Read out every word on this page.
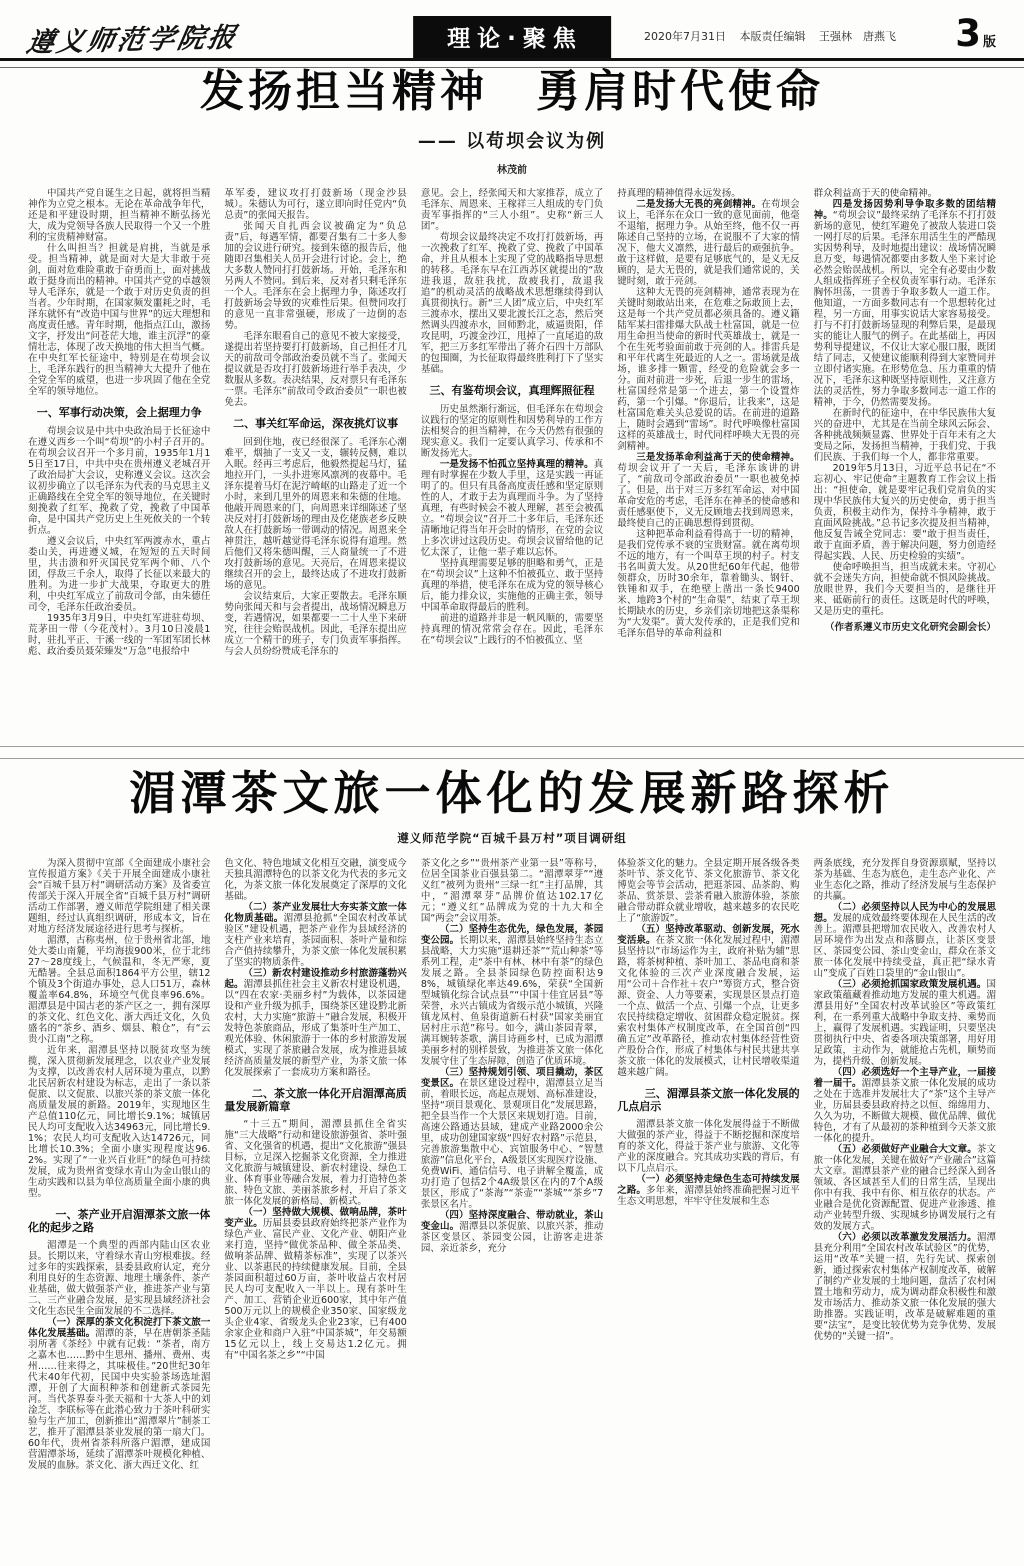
遵义师范学院报	理论·聚焦	2020年7月31日 本版责任编辑 王强林　唐燕飞 3 版
发扬担当精神　勇肩时代使命
—— 以苟坝会议为例
林茂前

中国共产党自诞生之日起，就将担当精神作为立党之根本。无论在革命战争年代，还是和平建设时期，担当精神不断弘扬光大，成为党领导各族人民取得一个又一个胜利的宝贵精神财富。

什么叫担当？担就是肩挑，当就是承受。担当精神，就是面对大是大非敢于亮剑，面对危难险重敢于奋勇而上，面对挑战敢于挺身而出的精神。中国共产党的卓越领导人毛泽东，就是一个敢于对历史负责的担当者。少年时期，在国家频发噩耗之时，毛泽东就怀有“改造中国与世界”的远大理想和高度责任感。青年时期，他指点江山，激扬文字，抒发出“问苍茫大地，谁主沉浮”的豪情壮志，体现了改天换地的伟大担当气概。在中央红军长征途中，特别是在苟坝会议上，毛泽东践行的担当精神大大提升了他在全党全军的威望，也进一步巩固了他在全党全军的领导地位。

一、军事行动决策，会上据理力争

苟坝会议是中共中央政治局于长征途中在遵义西乡一个叫“苟坝”的小村子召开的。在苟坝会议召开一个多月前，1935年1月15日至17日，中共中央在贵州遵义老城召开了政治局扩大会议，史称遵义会议。这次会议初步确立了以毛泽东为代表的马克思主义正确路线在全党全军的领导地位，在关键时刻挽救了红军、挽救了党，挽救了中国革命，是中国共产党历史上生死攸关的一个转折点。

遵义会议后，中央红军两渡赤水，重占娄山关，再进遵义城，在短短的五天时间里，共击溃和歼灭国民党军两个师、八个团，俘敌三千余人，取得了长征以来最大的胜利。为进一步扩大战果，夺取更大的胜利，中央红军成立了前敌司令部，由朱德任司令，毛泽东任政治委员。

1935年3月9日，中央红军进驻苟坝、荒茅田一带（今花茂村）。3月10日凌晨1时，驻扎平正、干溪一线的一军团军团长林彪、政治委员聂荣臻发“万急”电报给中

革军委，建议攻打打鼓新场（现金沙县城）。朱德认为可行，遂立即向时任党内“负总责”的张闻天报告。

张闻天自扎西会议被确定为“负总责”后，每遇军情，都要召集有二十多人参加的会议进行研究。接到朱德的报告后，他随即召集相关人员开会进行讨论。会上，绝大多数人赞同打打鼓新场。开始，毛泽东和另两人不赞同。到后来，反对者只剩毛泽东一个人。毛泽东在会上据理力争，陈述攻打打鼓新场会导致的灾难性后果。但赞同攻打的意见一直非常强硬，形成了一边倒的态势。

毛泽东眼看自己的意见不被大家接受，遂提出若坚持要打打鼓新场，自己担任才几天的前敌司令部政治委员就不当了。张闻天提议就是否攻打打鼓新场进行举手表决，少数服从多数。表决结果，反对票只有毛泽东一票。毛泽东“前敌司令政治委员”一职也被免去。

二、事关红军命运，深夜挑灯议事

回到住地，夜已经很深了。毛泽东心潮难平，烟抽了一支又一支，辗转反侧，难以入眠。经再三考虑后，他毅然提起马灯，猛地拉开门，一头扑进寒风凛冽的夜幕中。毛泽东提着马灯在泥泞崎岖的山路走了近一个小时，来到几里外的周恩来和朱德的住地。他敲开周恩来的门，向周恩来详细陈述了坚决反对打打鼓新场的理由及仡佬族老乡反映敌人在打鼓新场一带调动的情况。周恩来全神贯注，越听越觉得毛泽东说得有道理。然后他们又将朱德叫醒，三人商量统一了不进攻打鼓新场的意见。天亮后，在周恩来提议继续召开的会上，最终达成了不进攻打鼓新场的意见。

会议结束后，大家正要散去。毛泽东顺势向张闻天和与会者提出，战场情况瞬息万变，若遇情况，如果都要一二十人坐下来研究，往往会贻误战机。因此，毛泽东提出应成立一个精干的班子，专门负责军事指挥。与会人员纷纷赞成毛泽东的

意见。会上，经张闻天和大家推荐，成立了毛泽东、周恩来、王稼祥三人组成的专门负责军事指挥的“三人小组”。史称“新三人团”。

苟坝会议最终决定不攻打打鼓新场，再一次挽救了红军、挽救了党、挽救了中国革命，并且从根本上实现了党的战略指导思想的转移。毛泽东早在江西苏区就提出的“敌进我退，敌驻我扰，敌疲我打，敌退我追”的机动灵活的战略战术思想继续得到认真贯彻执行。新“三人团”成立后，中央红军三渡赤水，摆出又要北渡长江之态，然后突然调头四渡赤水，回师黔北，威逼贵阳，佯攻昆明，巧渡金沙江，甩掉了一直尾追的敌军，把三万多红军带出了蒋介石四十万部队的包围圈，为长征取得最终胜利打下了坚实基础。

三、有鉴苟坝会议，真理辉照征程

历史虽然渐行渐远，但毛泽东在苟坝会议践行的坚定的原则性和因势利导的工作方法相契合的担当精神，在今天仍然有很强的现实意义。我们一定要认真学习、传承和不断发扬光大。

一是发扬不怕孤立坚持真理的精神。真理有时掌握在少数人手里，这是实践一再证明了的。但只有具备高度责任感和坚定原则性的人，才敢于去为真理而斗争。为了坚持真理，有些时候会不被人理解，甚至会被孤立。“苟坝会议”召开二十多年后，毛泽东还清晰地记得当年开会时的情形，在党的会议上多次讲过这段历史。苟坝会议留给他的记忆太深了，让他一辈子难以忘怀。

坚持真理需要足够的胆略和勇气，正是在“苟坝会议”上这种不怕被孤立、敢于坚持真理的举措，使毛泽东在成为党的领导核心后，能力排众议，实施他的正确主张，领导中国革命取得最后的胜利。

前进的道路并非是一帆风顺的，需要坚持真理的情况常常会存在。因此，毛泽东在“苟坝会议”上践行的不怕被孤立、坚

持真理的精神值得永远发扬。

二是发扬大无畏的亮剑精神。在苟坝会议上，毛泽东在众口一致的意见面前，他毫不退缩，据理力争。从始至终，他不仅一再陈述自己坚持的立场，在说服不了大家的情况下，他大义凛然，进行最后的顽强抗争。敢于这样做，是要有足够底气的，是义无反顾的，是大无畏的，就是我们通常说的，关键时刻，敢于亮剑。

这种大无畏的亮剑精神，通常表现为在关键时刻敢站出来，在危难之际敢顶上去，这是每一个共产党员都必须具备的。遵义籍陆军某扫雷排爆大队战士杜富国，就是一位用生命担当使命的新时代英雄战士，就是一个在生死考验面前敢于亮剑的人。排雷兵是和平年代离生死最近的人之一。雷场就是战场，谁多排一颗雷，经受的危险就会多一分。面对前进一步死，后退一步生的雷场，杜富国经常是第一个进去，第一个设置炸药，第一个引爆。“你退后，让我来”，这是杜富国危难关头总爱说的话。在前进的道路上，随时会遇到“雷场”。时代呼唤像杜富国这样的英雄战士，时代同样呼唤大无畏的亮剑精神。

三是发扬革命利益高于天的使命精神。苟坝会议开了一天后，毛泽东该讲的讲了，“前敌司令部政治委员”一职也被免掉了。但是，出于对三万多红军命运、对中国革命安危的考虑，毛泽东在神圣的使命感和责任感驱使下，义无反顾地去找到周恩来，最终使自己的正确思想得到贯彻。

这种把革命利益看得高于一切的精神，是我们党传承不衰的宝贵财富。就在离苟坝不远的地方，有一个叫草王坝的村子。村支书名叫黄大发。从20世纪60年代起，他带领群众，历时30余年，靠着锄头、钢钎、铁锤和双手，在绝壁上凿出一条长9400米、地跨3个村的“生命渠”，结束了草王坝长期缺水的历史，乡亲们亲切地把这条渠称为“大发渠”。黄大发传承的，正是我们党和毛泽东倡导的革命利益和

群众利益高于天的使命精神。

四是发扬因势利导争取多数的团结精神。“苟坝会议”最终采纳了毛泽东不打打鼓新场的意见，使红军避免了被敌人装进口袋一网打尽的后果。毛泽东用活生生的严酷现实因势利导，及时地提出建议：战场情况瞬息万变，每遇情况都要由多数人坐下来讨论必然会贻误战机。所以，完全有必要由少数人组成指挥班子全权负责军事行动。毛泽东胸怀坦荡，一贯善于争取多数人一道工作。他知道，一方面多数同志有一个思想转化过程，另一方面，用事实说话大家容易接受。打与不打打鼓新场显现的利弊后果，是最现实的能让人服气的例子。在此基础上，再因势利导提建议，不仅让大家心服口服，既团结了同志，又使建议能顺利得到大家赞同并立即付诸实施。在形势危急、压力重重的情况下，毛泽东这种既坚持原则性，又注意方法的灵活性，努力争取多数同志一道工作的精神，于今，仍然需要发扬。

在新时代的征途中，在中华民族伟大复兴的奋进中，尤其是在当前全球风云际会、各种挑战频频显露、世界处于百年未有之大变局之际，发扬担当精神，于我们党、于我们民族、于我们每一个人，都非常重要。

2019年5月13日，习近平总书记在“不忘初心、牢记使命”主题教育工作会议上指出：“担使命，就是要牢记我们党肩负的实现中华民族伟大复兴的历史使命，勇于担当负责，积极主动作为，保持斗争精神，敢于直面风险挑战。”总书记多次提及担当精神，他反复告诫全党同志：要“敢于担当责任，敢于直面矛盾，善于解决问题，努力创造经得起实践、人民、历史检验的实绩”。

使命呼唤担当，担当成就未来。守初心就不会迷失方向，担使命就不惧风险挑战。放眼世界，我们今天要担当的，是继往开来、砥砺前行的责任。这既是时代的呼唤，又是历史的重托。

（作者系遵义市历史文化研究会副会长）
湄潭茶文旅一体化的发展新路探析
遵义师范学院“百城千县万村”项目调研组

为深入贯彻中宣部《全面建成小康社会宣传报道方案》《关于开展全面建成小康社会“百城千县万村”调研活动方案》及省委宣传部关于深入开展全省“百城千县万村”调研活动工作部署，遵义师范学院组建了相关课题组，经过认真组织调研，形成本文，旨在对地方经济发展途径进行思考与探析。

湄潭，古称夷州，位于贵州省北部，地处大娄山南麓，平均海拔900米，位于北纬27～28度线上，气候温和，冬无严寒，夏无酷暑。全县总面积1864平方公里，辖12个镇及3个街道办事处，总人口51万，森林覆盖率64.8%，环境空气优良率96.6%。湄潭县是中国古老的茶产区之一，拥有深厚的茶文化、红色文化、浙大西迁文化，久负盛名的“茶乡、酒乡、烟县、粮仓”，有“云贵小江南”之称。

近年来，湄潭县坚持以脱贫攻坚为统揽，深入贯彻新发展理念，以农业产业发展为支撑，以改善农村人居环境为重点，以黔北民居新农村建设为标志，走出了一条以茶促旅、以文促旅、以旅兴茶的茶文旅一体化高质量发展的新路。2019年，实现地区生产总值110亿元，同比增长9.1%；城镇居民人均可支配收入达34963元，同比增长9.1%；农民人均可支配收入达14726元，同比增长10.3%；全面小康实现程度达96.2%。实现了“一业兴百业旺”的绿色可持续发展，成为贵州省变绿水青山为金山银山的生动实践和以县为单位高质量全面小康的典型。

一、茶产业开启湄潭茶文旅一体化的起步之路

湄潭是一个典型的西部内陆山区农业县。长期以来，守着绿水青山穷根难拔。经过多年的实践探索，县委县政府认定，充分利用良好的生态资源、地理土壤条件、茶产业基础，做大做强茶产业，推进茶产业与第二、三产业融合发展，是实现县域经济社会文化生态民生全面发展的不二选择。

（一）深厚的茶文化积淀打下茶文旅一体化发展基础。湄潭的茶，早在唐朝茶圣陆羽所著《茶经》中就有记载：“茶者，南方之嘉木也……黔中生思州、播州、费州、夷州……往来得之，其味极佳。”20世纪30年代末40年代初，民国中央实验茶场选址湄潭，开创了大面积种茶和创建新式茶园先河。当代茶界泰斗张天福和十大茶人中的刘淦芝、李联标等在此潜心致力于茶叶科研实验与生产加工，创新推出“湄潭翠片”制茶工艺，推开了湄潭县茶业发展的第一扇大门。60年代，贵州省茶科所落户湄潭，建成国营湄潭茶场，延续了湄潭茶叶规模化种植、发展的血脉。茶文化、浙大西迁文化、红

色文化、特色地域文化相互交融，演变成今天独具湄潭特色的以茶文化为代表的多元文化，为茶文旅一体化发展奠定了深厚的文化基础。

（二）茶产业发展壮大夯实茶文旅一体化物质基础。湄潭县抢抓“全国农村改革试验区”建设机遇，把茶产业作为县域经济的支柱产业来培育，茶园面积、茶叶产量和综合产值持续攀升，为茶文旅一体化发展积累了坚实的物质条件。

（三）新农村建设推动乡村旅游蓬勃兴起。湄潭县抓住社会主义新农村建设机遇，以“四在农家·美丽乡村”为载体，以茶园建设和产业升级为抓手，围绕茶区建设黔北新农村，大力实施“旅游＋”融合发展，积极开发特色茶旅商品，形成了集茶叶生产加工、观光体验、休闲旅游于一体的乡村旅游发展模式，实现了茶旅融合发展，成为推进县域经济高质量发展的新型产业，为茶文旅一体化发展探索了一套成功方案和路径。

二、茶文旅一体化开启湄潭高质量发展新篇章

“十三五”期间，湄潭县抓住全省实施“三大战略”行动和建设旅游强省、茶叶强省、文化强省的机遇，提出“文化旅游”强县目标，立足深入挖掘茶文化资源，全力推进文化旅游与城镇建设、新农村建设、绿色工业、体育事业等融合发展，着力打造特色茶旅、特色文旅、美丽茶旅乡村，开启了茶文旅一体化发展的新格局、新模式。

（一）坚持做大规模、做响品牌，茶叶变产业。历届县委县政府始终把茶产业作为绿色产业、富民产业、文化产业、朝阳产业来打造，坚持“做优茶品种、做全茶品类、做响茶品牌、做精茶标准”，实现了以茶兴业、以茶惠民的持续健康发展。目前，全县茶园面积超过60万亩，茶叶收益占农村居民人均可支配收入一半以上。现有茶叶生产、加工、营销企业近600家，其中年产值500万元以上的规模企业350家、国家级龙头企业4家、省级龙头企业23家，已有400余家企业和商户入驻“中国茶城”，年交易额15亿元以上，线上交易达1.2亿元。拥有“中国名茶之乡”“中国

茶文化之乡”“贵州茶产业第一县”等称号，位居全国茶业百强县第二。“湄潭翠芽”“遵义红”被列为贵州“三绿一红”主打品牌，其中，“湄潭翠芽”品牌价值达102.17亿元；“遵义红”品牌成为党的十九大和全国“两会”会议用茶。

（二）坚持生态优先，绿色发展，茶园变公园。长期以来，湄潭县始终坚持生态立县战略，大力实施“退耕还茶”“荒山种茶”等系列工程，走“茶中有林、林中有茶”的绿色发展之路。全县茶园绿色防控面积达98%，城镇绿化率达49.6%，荣获“全国新型城镇化综合试点县”“中国十佳宜居县”等荣誉，永兴古镇成为省级示范小城镇，兴隆镇龙凤村、鱼泉街道新石村获“国家美丽宜居村庄示范”称号。如今，满山茶园青翠，满耳婉转茶歌，满目诗画乡村，已成为湄潭美丽乡村的别样景致，为推进茶文旅一体化发展守住了生态屏障，创造了优质环境。

（三）坚持规划引领、项目撬动，茶区变景区。在景区建设过程中，湄潭县立足当前，着眼长远，高起点规划、高标准建设，坚持“项目景观化、景观项目化”发展思路，把全县当作一个大景区来规划打造。目前，高速公路通达县域，建成产业路2000余公里，成功创建国家级“四好农村路”示范县，完善旅游集散中心、宾馆服务中心、“智慧旅游”信息化平台，A级景区实现医疗设施、免费WiFi、通信信号、电子讲解全覆盖，成功打造了包括2个4A级景区在内的7个A级景区，形成了“茶海”“茶壶”“茶城”“茶乡”7张景区名片。

（四）坚持深度融合、带动就业，茶山变金山。湄潭县以茶促旅、以旅兴茶，推动茶区变景区、茶园变公园，让游客走进茶园、亲近茶乡，充分

体验茶文化的魅力。全县定期开展各级各类茶叶节、茶文化节、茶文化旅游节、茶文化博览会等节会活动，把逛茶园、品茶韵、购茶品、赏茶景、尝茶肴融入旅游体验，茶旅融合带动群众就业增收，越来越多的农民吃上了“旅游饭”。

（五）坚持改革驱动、创新发展，死水变活泉。在茶文旅一体化发展过程中，湄潭县坚持以“市场运作为主，政府补贴为辅”思路，将茶树种植、茶叶加工、茶品电商和茶文化体验的三次产业深度融合发展，运用“公司＋合作社＋农户”筹资方式，整合资源、资金、人力等要素，实现景区景点打造一个点、做活一个点、引爆一个点，让更多农民持续稳定增收、贫困群众稳定脱贫。探索农村集体产权制度改革，在全国首创“四确五定”改革路径，推动农村集体经营性资产股份合作，形成了村集体与村民共建共享茶文旅一体化的发展模式，让村民增收渠道越来越广阔。

三、湄潭县茶文旅一体化发展的几点启示

湄潭县茶文旅一体化发展得益于不断做大做强的茶产业，得益于不断挖掘和深度培育的茶文化，得益于茶产业与旅游、文化等产业的深度融合。究其成功实践的背后，有以下几点启示。

（一）必须坚持走绿色生态可持续发展之路。多年来，湄潭县始终准确把握习近平生态文明思想，牢牢守住发展和生态

两条底线，充分发挥自身资源禀赋，坚持以茶为基础、生态为底色，走生态产业化、产业生态化之路，推动了经济发展与生态保护的共赢。

（二）必须坚持以人民为中心的发展思想。发展的成效最终要体现在人民生活的改善上。湄潭县把增加农民收入、改善农村人居环境作为出发点和落脚点，让茶区变景区、茶园变公园、茶山变金山，群众在茶文旅一体化发展中持续受益，真正把“绿水青山”变成了百姓口袋里的“金山银山”。

（三）必须抢抓国家政策发展机遇。国家政策蕴藏着推动地方发展的重大机遇。湄潭县用好“全国农村改革试验区”等政策红利，在一系列重大战略中争取支持、乘势而上，赢得了发展机遇。实践证明，只要坚决贯彻执行中央、省委各项决策部署，用好用足政策，主动作为，就能抢占先机，顺势而为，提档升级、创新发展。

（四）必须选好一个主导产业，一届接着一届干。湄潭县茶文旅一体化发展的成功之处在于选准并发展壮大了“茶”这个主导产业，历届县委县政府持之以恒、绵绵用力、久久为功，不断做大规模、做优品牌、做优特色，才有了从最初的茶种植到今天茶文旅一体化的提升。

（五）必须做好产业融合大文章。茶文旅一体化发展，关键在做好“产业融合”这篇大文章。湄潭县茶产业的融合已经深入到各领域、各区域甚至人们的日常生活，呈现出你中有我、我中有你、相互依存的状态。产业融合是优化资源配置、促进产业渗透、推动产业转型升级、实现城乡协调发展行之有效的发展方式。

（六）必须以改革激发发展活力。湄潭县充分利用“全国农村改革试验区”的优势，运用“改革”关键一招，先行先试、探索创新，通过探索农村集体产权制度改革，破解了制约产业发展的土地问题，盘活了农村闲置土地和劳动力，成为调动群众积极性和激发市场活力、推动茶文旅一体化发展的强大助推器。实践证明，改革是破解难题的重要“法宝”，是变比较优势为竞争优势、发展优势的“关键一招”。
